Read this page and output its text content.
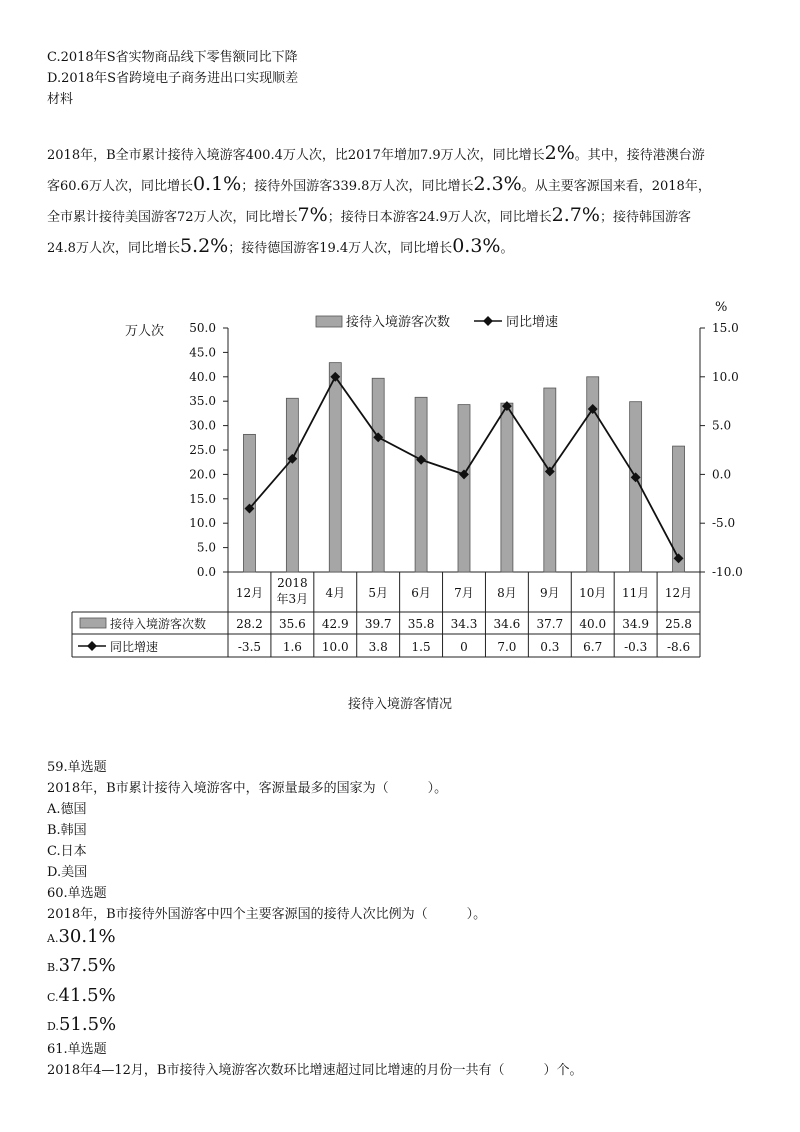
C.2018年S省实物商品线下零售额同比下降
D.2018年S省跨境电子商务进出口实现顺差
材料
2018年，B全市累计接待入境游客400.4万人次，比2017年增加7.9万人次，同比增长2%。其中，接待港澳台游
客60.6万人次，同比增长0.1%；接待外国游客339.8万人次，同比增长2.3%。从主要客源国来看，2018年，
全市累计接待美国游客72万人次，同比增长7%；接待日本游客24.9万人次，同比增长2.7%；接待韩国游客
24.8万人次，同比增长5.2%；接待德国游客19.4万人次，同比增长0.3%。
0.0
5.0
10.0
15.0
20.0
25.0
30.0
35.0
40.0
45.0
50.0
-10.0
-5.0
0.0
5.0
10.0
15.0
万人次
%
接待入境游客次数	同比增速
12月
2018
年3月 4月 5月 6月 7月 8月 9月 10月 11月 12月
接待入境游客次数
同比增速
28.2 35.6 42.9 39.7 35.8 34.3 34.6 37.7 40.0 34.9 25.8
-3.5 1.6 10.0 3.8 1.5 0 7.0 0.3 6.7 -0.3 -8.6
接待入境游客情况
59.单选题
2018年，B市累计接待入境游客中，客源量最多的国家为（　　　）。
A.德国
B.韩国
C.日本
D.美国
60.单选题
2018年，B市接待外国游客中四个主要客源国的接待人次比例为（　　　）。
A.30.1%
B.37.5%
C.41.5%
D.51.5%
61.单选题
2018年4—12月，B市接待入境游客次数环比增速超过同比增速的月份一共有（　　　）个。
